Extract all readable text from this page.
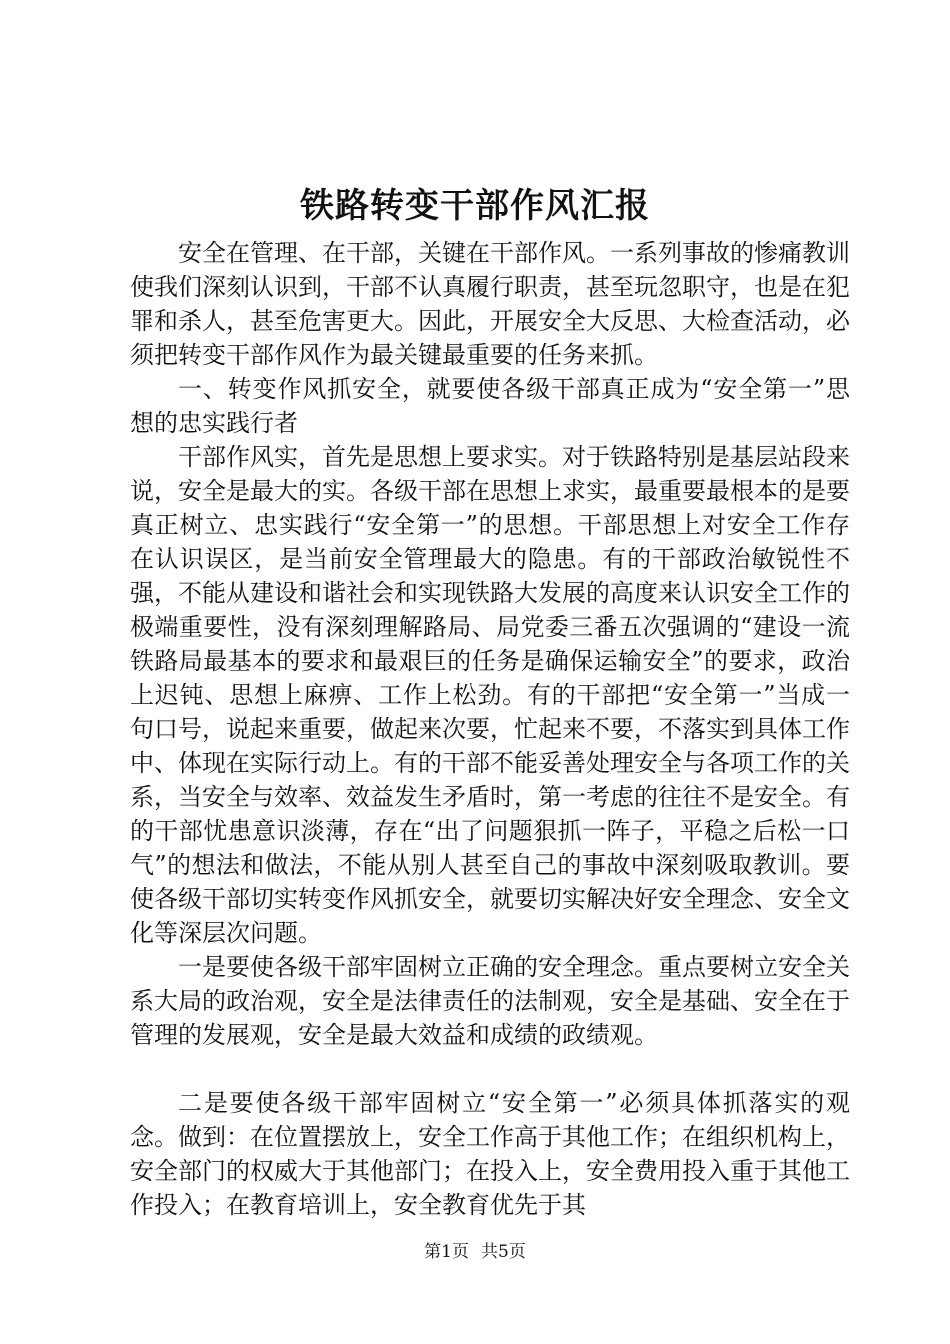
铁路转变干部作风汇报

安全在管理、在干部，关键在干部作风。一系列事故的惨痛教训使我们深刻认识到，干部不认真履行职责，甚至玩忽职守，也是在犯罪和杀人，甚至危害更大。因此，开展安全大反思、大检查活动，必须把转变干部作风作为最关键最重要的任务来抓。

一、转变作风抓安全，就要使各级干部真正成为“安全第一”思想的忠实践行者

干部作风实，首先是思想上要求实。对于铁路特别是基层站段来说，安全是最大的实。各级干部在思想上求实，最重要最根本的是要真正树立、忠实践行“安全第一”的思想。干部思想上对安全工作存在认识误区，是当前安全管理最大的隐患。有的干部政治敏锐性不强，不能从建设和谐社会和实现铁路大发展的高度来认识安全工作的极端重要性，没有深刻理解路局、局党委三番五次强调的“建设一流铁路局最基本的要求和最艰巨的任务是确保运输安全”的要求，政治上迟钝、思想上麻痹、工作上松劲。有的干部把“安全第一”当成一句口号，说起来重要，做起来次要，忙起来不要，不落实到具体工作中、体现在实际行动上。有的干部不能妥善处理安全与各项工作的关系，当安全与效率、效益发生矛盾时，第一考虑的往往不是安全。有的干部忧患意识淡薄，存在“出了问题狠抓一阵子，平稳之后松一口气”的想法和做法，不能从别人甚至自己的事故中深刻吸取教训。要使各级干部切实转变作风抓安全，就要切实解决好安全理念、安全文化等深层次问题。

一是要使各级干部牢固树立正确的安全理念。重点要树立安全关系大局的政治观，安全是法律责任的法制观，安全是基础、安全在于管理的发展观，安全是最大效益和成绩的政绩观。

二是要使各级干部牢固树立“安全第一”必须具体抓落实的观念。做到：在位置摆放上，安全工作高于其他工作；在组织机构上，安全部门的权威大于其他部门；在投入上，安全费用投入重于其他工作投入；在教育培训上，安全教育优先于其

第1页 共5页
